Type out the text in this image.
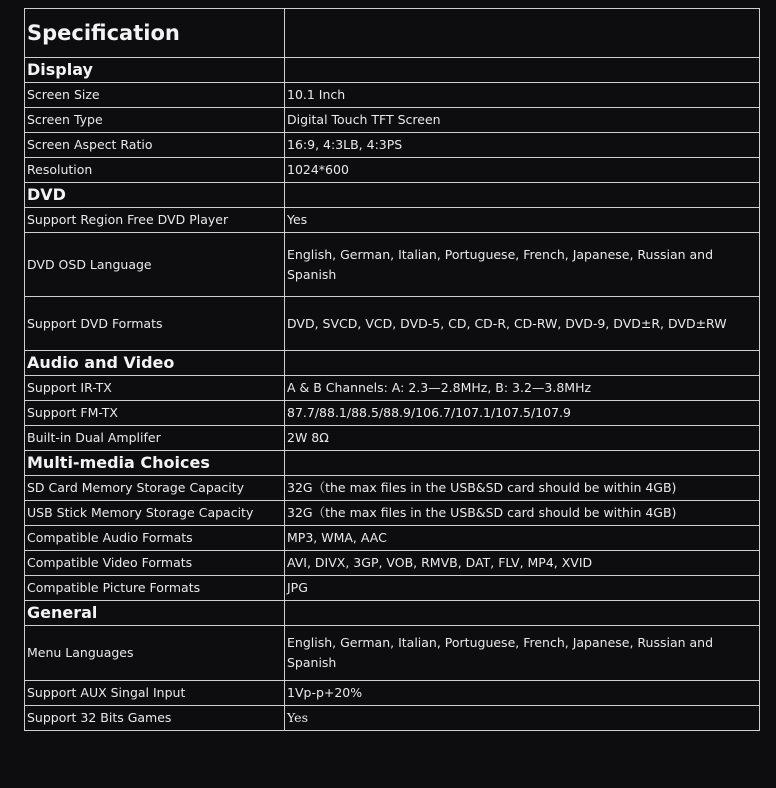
Specification	
Display	
Screen Size	10.1 Inch
Screen Type	Digital Touch TFT Screen
Screen Aspect Ratio	16:9, 4:3LB, 4:3PS
Resolution	1024*600
DVD	
Support Region Free DVD Player	Yes
DVD OSD Language	English, German, Italian, Portuguese, French, Japanese, Russian and Spanish
Support DVD Formats	DVD, SVCD, VCD, DVD-5, CD, CD-R, CD-RW, DVD-9, DVD±R, DVD±RW
Audio and Video	
Support IR-TX	A & B Channels: A: 2.3—2.8MHz, B: 3.2—3.8MHz
Support FM-TX	87.7/88.1/88.5/88.9/106.7/107.1/107.5/107.9
Built-in Dual Amplifer	2W 8Ω
Multi-media Choices	
SD Card Memory Storage Capacity	32G（the max files in the USB&SD card should be within 4GB)
USB Stick Memory Storage Capacity	32G（the max files in the USB&SD card should be within 4GB)
Compatible Audio Formats	MP3, WMA, AAC
Compatible Video Formats	AVI, DIVX, 3GP, VOB, RMVB, DAT, FLV, MP4, XVID
Compatible Picture Formats	JPG
General	
Menu Languages	English, German, Italian, Portuguese, French, Japanese, Russian and Spanish
Support AUX Singal Input	1Vp-p+20%
Support 32 Bits Games	Yes
